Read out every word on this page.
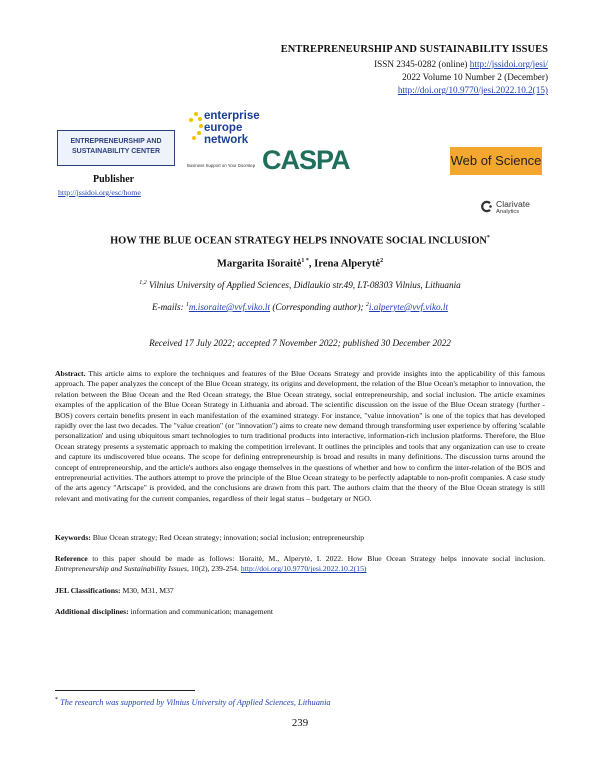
ENTREPRENEURSHIP AND SUSTAINABILITY ISSUES
ISSN 2345-0282 (online) http://jssidoi.org/jesi/
2022 Volume 10 Number 2 (December)
http://doi.org/10.9770/jesi.2022.10.2(15)
ENTREPRENEURSHIP AND
SUSTAINABILITY CENTER
Publisher
http://jssidoi.org/esc/home
enterprise
europe
network
Business Support on Your Doorstep CASPA	Web of Science
Clarivate
Analytics
HOW THE BLUE OCEAN STRATEGY HELPS INNOVATE SOCIAL INCLUSION*
Margarita Išoraitė$^{1 *}$, Irena Alperytė$^2$
$^{1,2}$ Vilnius University of Applied Sciences, Didlaukio str.49, LT-08303 Vilnius, Lithuania
E-mails: $^1$m.isoraite@vvf.viko.lt (Corresponding author); $^2$i.alperyte@vvf.viko.lt
Received 17 July 2022; accepted 7 November 2022; published 30 December 2022
Abstract. This article aims to explore the techniques and features of the Blue Oceans Strategy and provide insights into the applicability of this famous approach. The paper analyzes the concept of the Blue Ocean strategy, its origins and development, the relation of the Blue Ocean's metaphor to innovation, the relation between the Blue Ocean and the Red Ocean strategy, the Blue Ocean strategy, social entrepreneurship, and social inclusion. The article examines examples of the application of the Blue Ocean Strategy in Lithuania and abroad. The scientific discussion on the issue of the Blue Ocean strategy (further - BOS) covers certain benefits present in each manifestation of the examined strategy. For instance, "value innovation" is one of the topics that has developed rapidly over the last two decades. The "value creation" (or "innovation") aims to create new demand through transforming user experience by offering 'scalable personalization' and using ubiquitous smart technologies to turn traditional products into interactive, information-rich inclusion platforms. Therefore, the Blue Ocean strategy presents a systematic approach to making the competition irrelevant. It outlines the principles and tools that any organization can use to create and capture its undiscovered blue oceans. The scope for defining entrepreneurship is broad and results in many definitions. The discussion turns around the concept of entrepreneurship, and the article's authors also engage themselves in the questions of whether and how to confirm the inter-relation of the BOS and entrepreneurial activities. The authors attempt to prove the principle of the Blue Ocean strategy to be perfectly adaptable to non-profit companies. A case study of the arts agency "Artscape" is provided, and the conclusions are drawn from this part. The authors claim that the theory of the Blue Ocean strategy is still relevant and motivating for the current companies, regardless of their legal status – budgetary or NGO.
Keywords: Blue Ocean strategy; Red Ocean strategy; innovation; social inclusion; entrepreneurship
Reference to this paper should be made as follows: Išoraitė, M., Alperytė, I. 2022. How Blue Ocean Strategy helps innovate social inclusion. Entrepreneurship and Sustainability Issues, 10(2), 239-254. http://doi.org/10.9770/jesi.2022.10.2(15)
JEL Classifications: M30, M31, M37
Additional disciplines: information and communication; management
* The research was supported by Vilnius University of Applied Sciences, Lithuania
239
